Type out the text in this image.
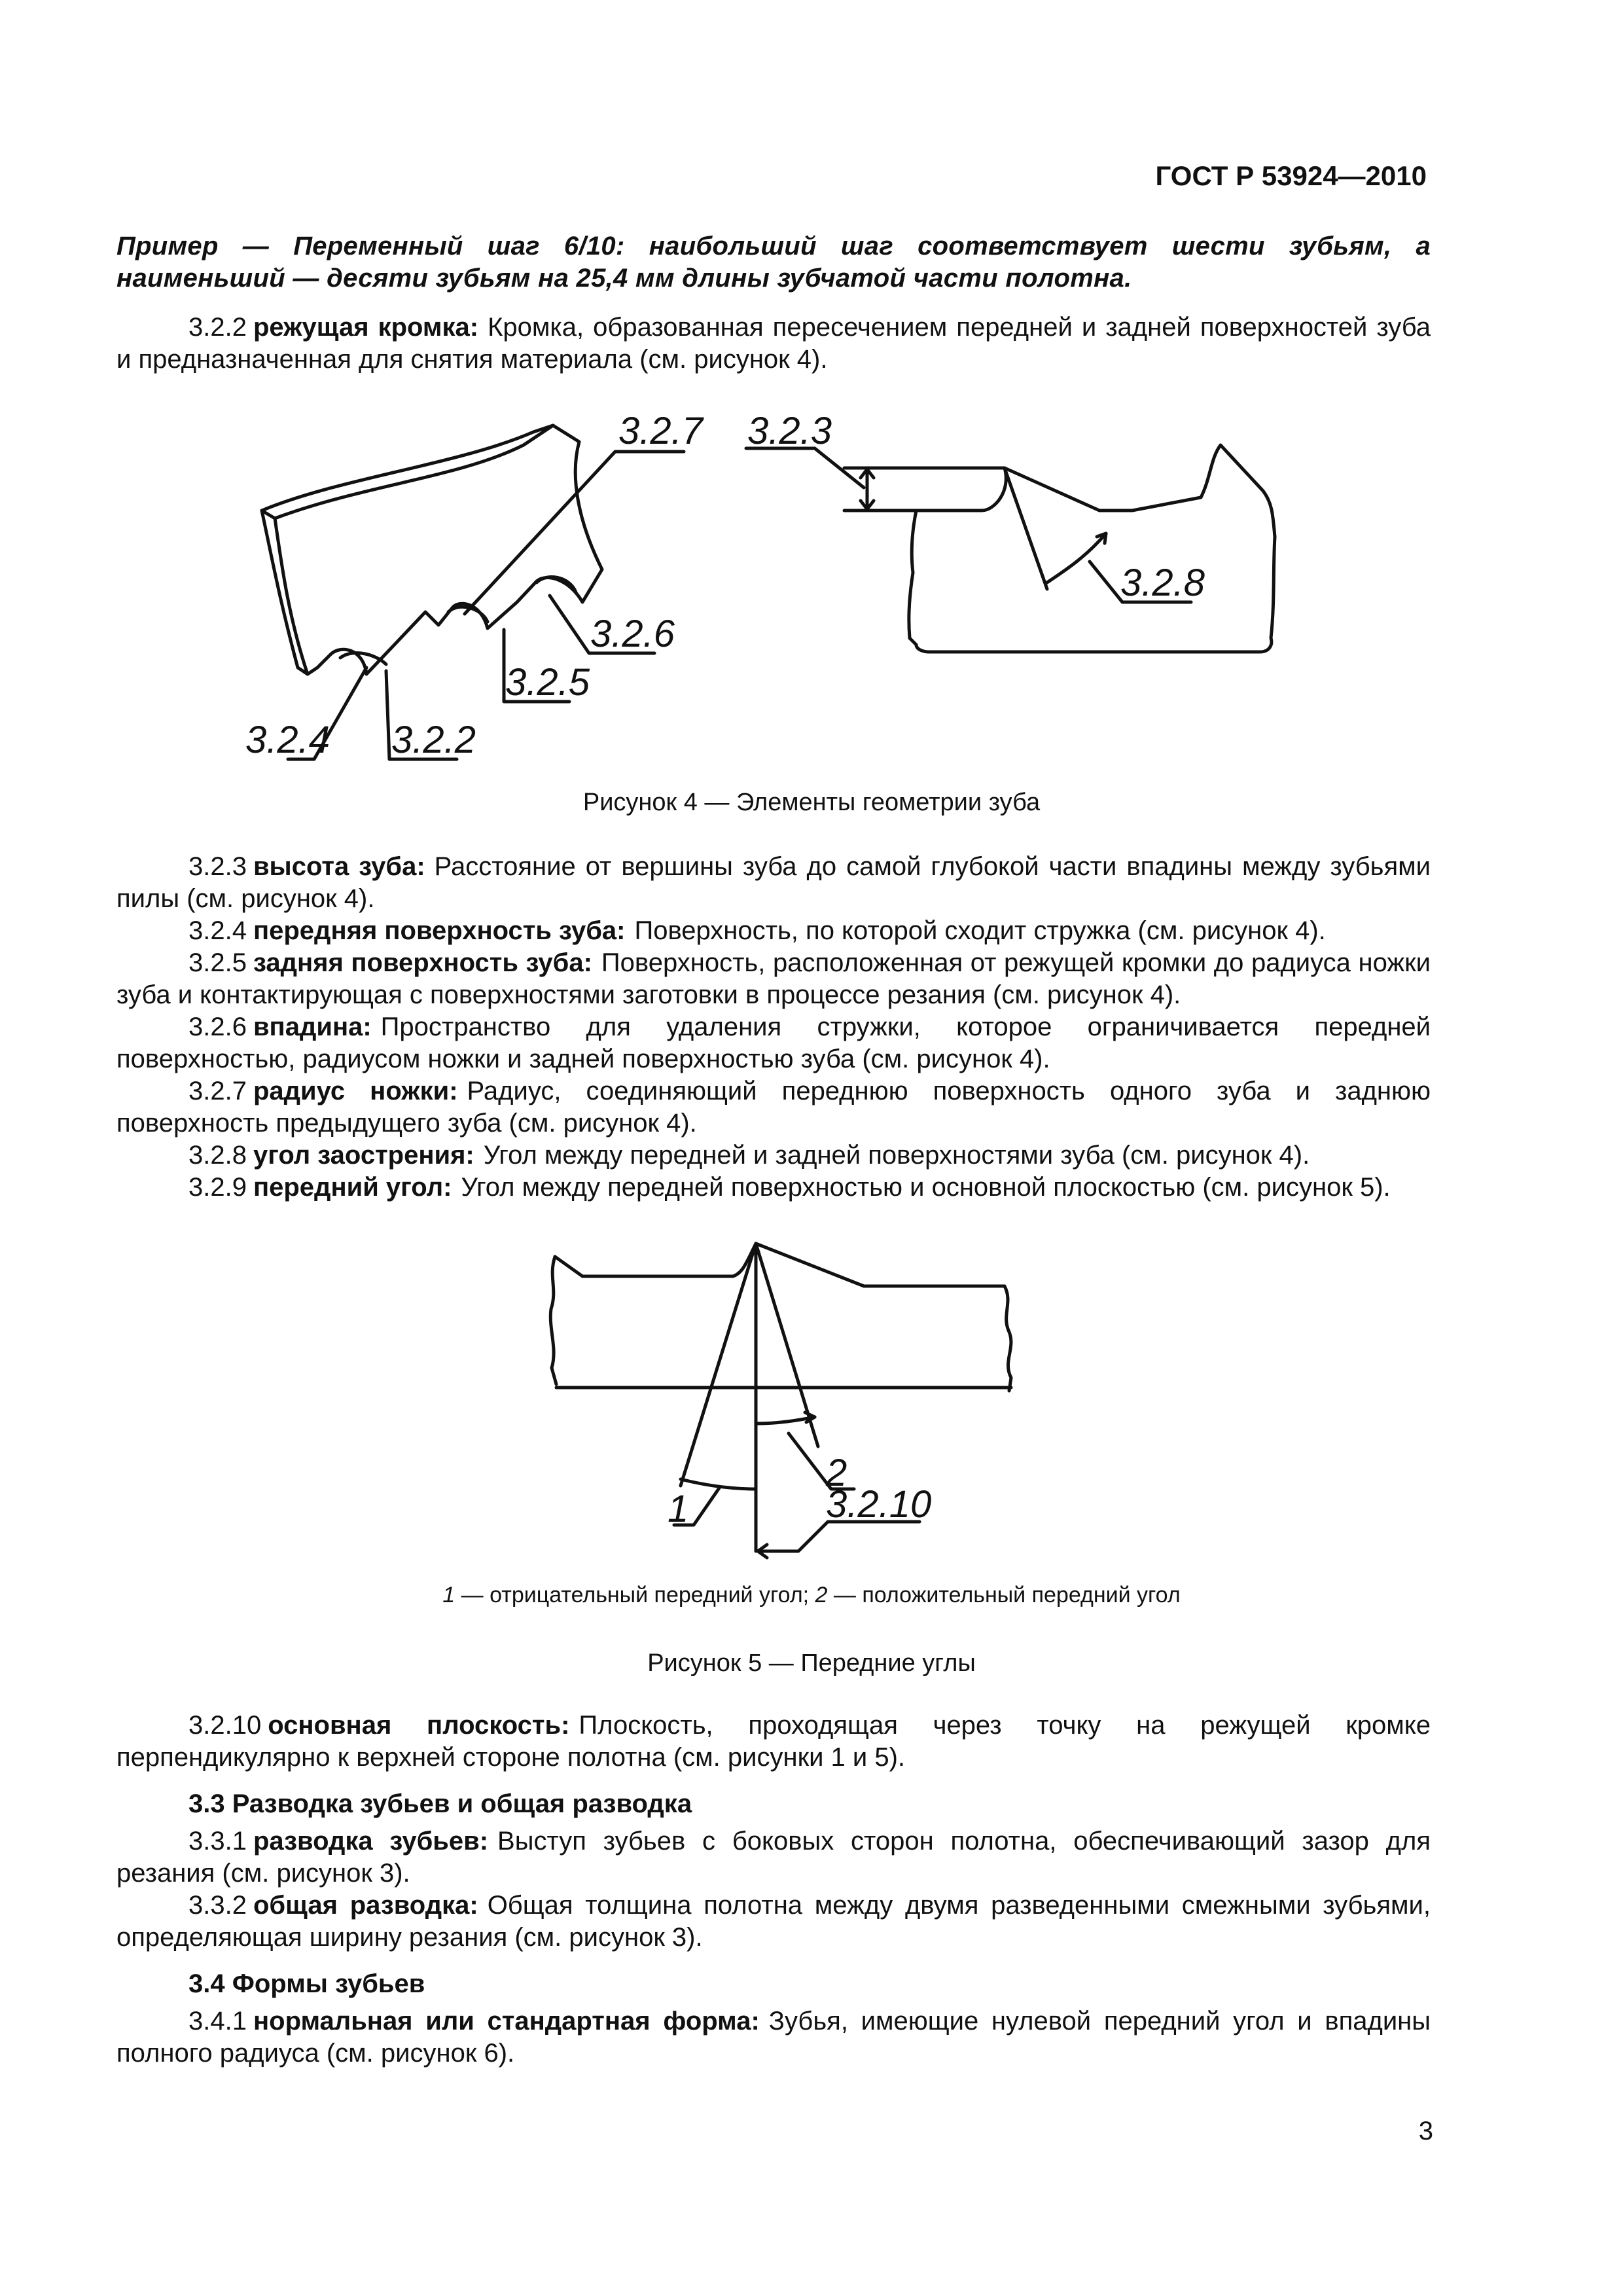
ГОСТ Р 53924—2010

Пример — Переменный шаг 6/10: наибольший шаг соответствует шести зубьям, а наименьший — десяти зубьям на 25,4 мм длины зубчатой части полотна.

3.2.2 режущая кромка: Кромка, образованная пересечением передней и задней поверхностей зуба и предназначенная для снятия материала (см. рисунок 4).

3.2.7 3.2.3
3.2.8
3.2.6
3.2.5
3.2.4 3.2.2
Рисунок 4 — Элементы геометрии зуба

3.2.3 высота зуба: Расстояние от вершины зуба до самой глубокой части впадины между зубьями пилы (см. рисунок 4).

3.2.4 передняя поверхность зуба: Поверхность, по которой сходит стружка (см. рисунок 4).

3.2.5 задняя поверхность зуба: Поверхность, расположенная от режущей кромки до радиуса ножки зуба и контактирующая с поверхностями заготовки в процессе резания (см. рисунок 4).

3.2.6 впадина: Пространство для удаления стружки, которое ограничивается передней поверхностью, радиусом ножки и задней поверхностью зуба (см. рисунок 4).

3.2.7 радиус ножки: Радиус, соединяющий переднюю поверхность одного зуба и заднюю поверхность предыдущего зуба (см. рисунок 4).

3.2.8 угол заострения: Угол между передней и задней поверхностями зуба (см. рисунок 4).

3.2.9 передний угол: Угол между передней поверхностью и основной плоскостью (см. рисунок 5).

1
2
3.2.10
1 — отрицательный передний угол; 2 — положительный передний угол
Рисунок 5 — Передние углы

3.2.10 основная плоскость: Плоскость, проходящая через точку на режущей кромке перпендикулярно к верхней стороне полотна (см. рисунки 1 и 5).

3.3 Разводка зубьев и общая разводка

3.3.1 разводка зубьев: Выступ зубьев с боковых сторон полотна, обеспечивающий зазор для резания (см. рисунок 3).

3.3.2 общая разводка: Общая толщина полотна между двумя разведенными смежными зубьями, определяющая ширину резания (см. рисунок 3).

3.4 Формы зубьев

3.4.1 нормальная или стандартная форма: Зубья, имеющие нулевой передний угол и впадины полного радиуса (см. рисунок 6).

3
